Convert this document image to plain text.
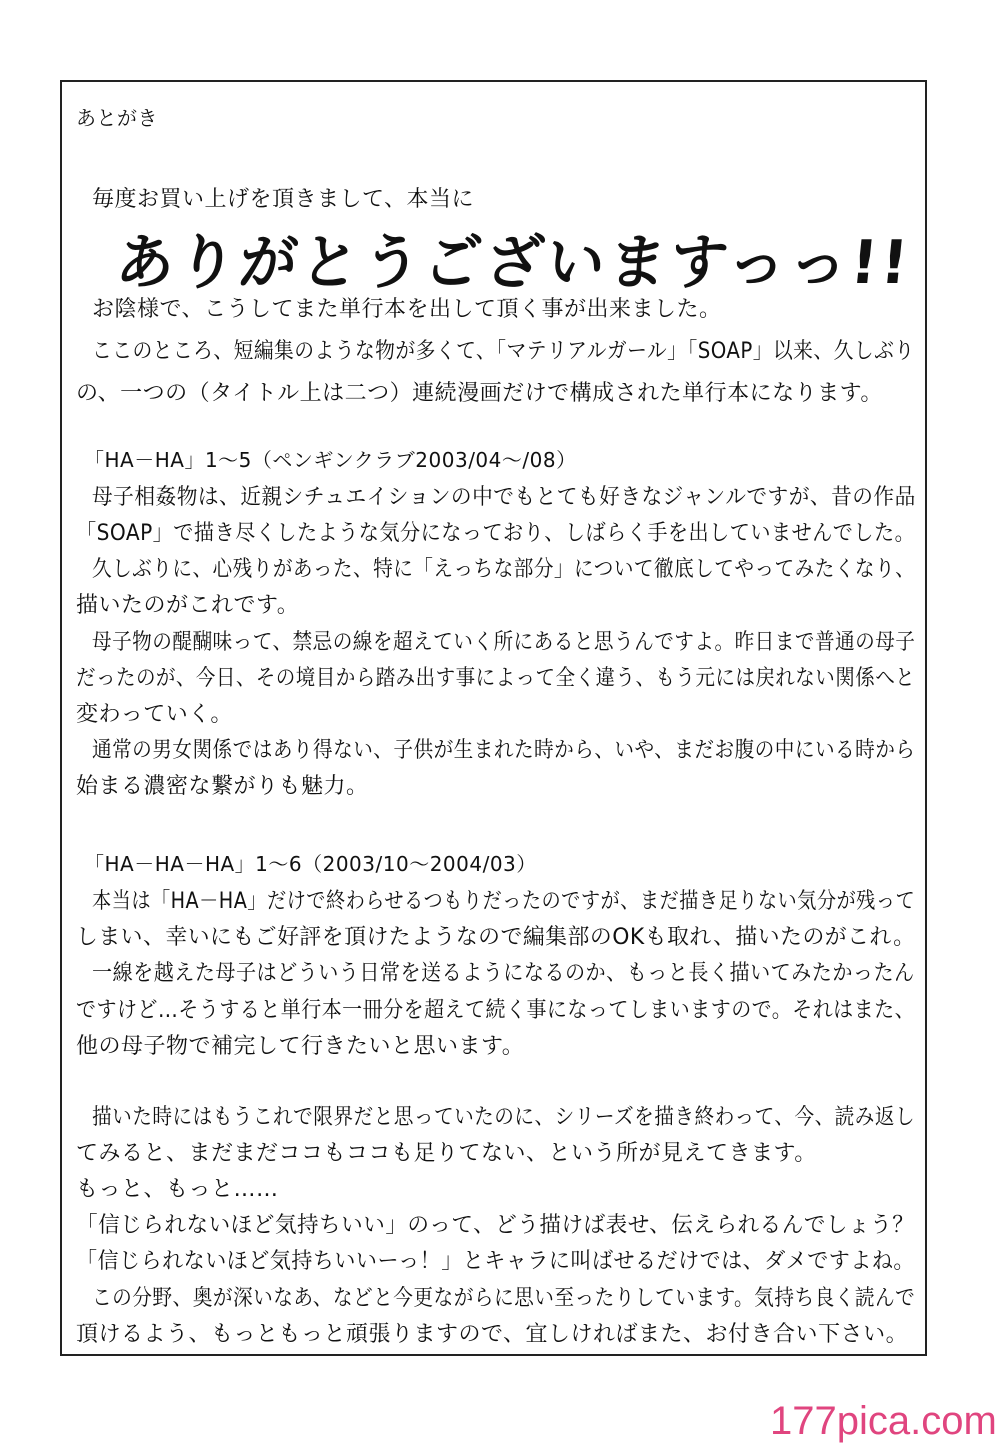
あとがき
毎度お買い上げを頂きまして、本当に
ありがとうございますっっ!!
お陰様で、こうしてまた単行本を出して頂く事が出来ました。
ここのところ、短編集のような物が多くて、「マテリアルガール」「SOAP」以来、久しぶり
の、一つの（タイトル上は二つ）連続漫画だけで構成された単行本になります。
「HA－HA」1～5（ペンギンクラブ2003/04～/08）
母子相姦物は、近親シチュエイションの中でもとても好きなジャンルですが、昔の作品
「SOAP」で描き尽くしたような気分になっており、しばらく手を出していませんでした。
久しぶりに、心残りがあった、特に「えっちな部分」について徹底してやってみたくなり、
描いたのがこれです。
母子物の醍醐味って、禁忌の線を超えていく所にあると思うんですよ。昨日まで普通の母子
だったのが、今日、その境目から踏み出す事によって全く違う、もう元には戻れない関係へと
変わっていく。
通常の男女関係ではあり得ない、子供が生まれた時から、いや、まだお腹の中にいる時から
始まる濃密な繋がりも魅力。
「HA－HA－HA」1～6（2003/10～2004/03）
本当は「HA－HA」だけで終わらせるつもりだったのですが、まだ描き足りない気分が残って
しまい、幸いにもご好評を頂けたようなので編集部のOKも取れ、描いたのがこれ。
一線を越えた母子はどういう日常を送るようになるのか、もっと長く描いてみたかったん
ですけど…そうすると単行本一冊分を超えて続く事になってしまいますので。それはまた、
他の母子物で補完して行きたいと思います。
描いた時にはもうこれで限界だと思っていたのに、シリーズを描き終わって、今、読み返し
てみると、まだまだココもココも足りてない、という所が見えてきます。
もっと、もっと……
「信じられないほど気持ちいい」のって、どう描けば表せ、伝えられるんでしょう？
「信じられないほど気持ちいいーっ！」とキャラに叫ばせるだけでは、ダメですよね。
この分野、奥が深いなあ、などと今更ながらに思い至ったりしています。気持ち良く読んで
頂けるよう、もっともっと頑張りますので、宜しければまた、お付き合い下さい。
177pica.com
